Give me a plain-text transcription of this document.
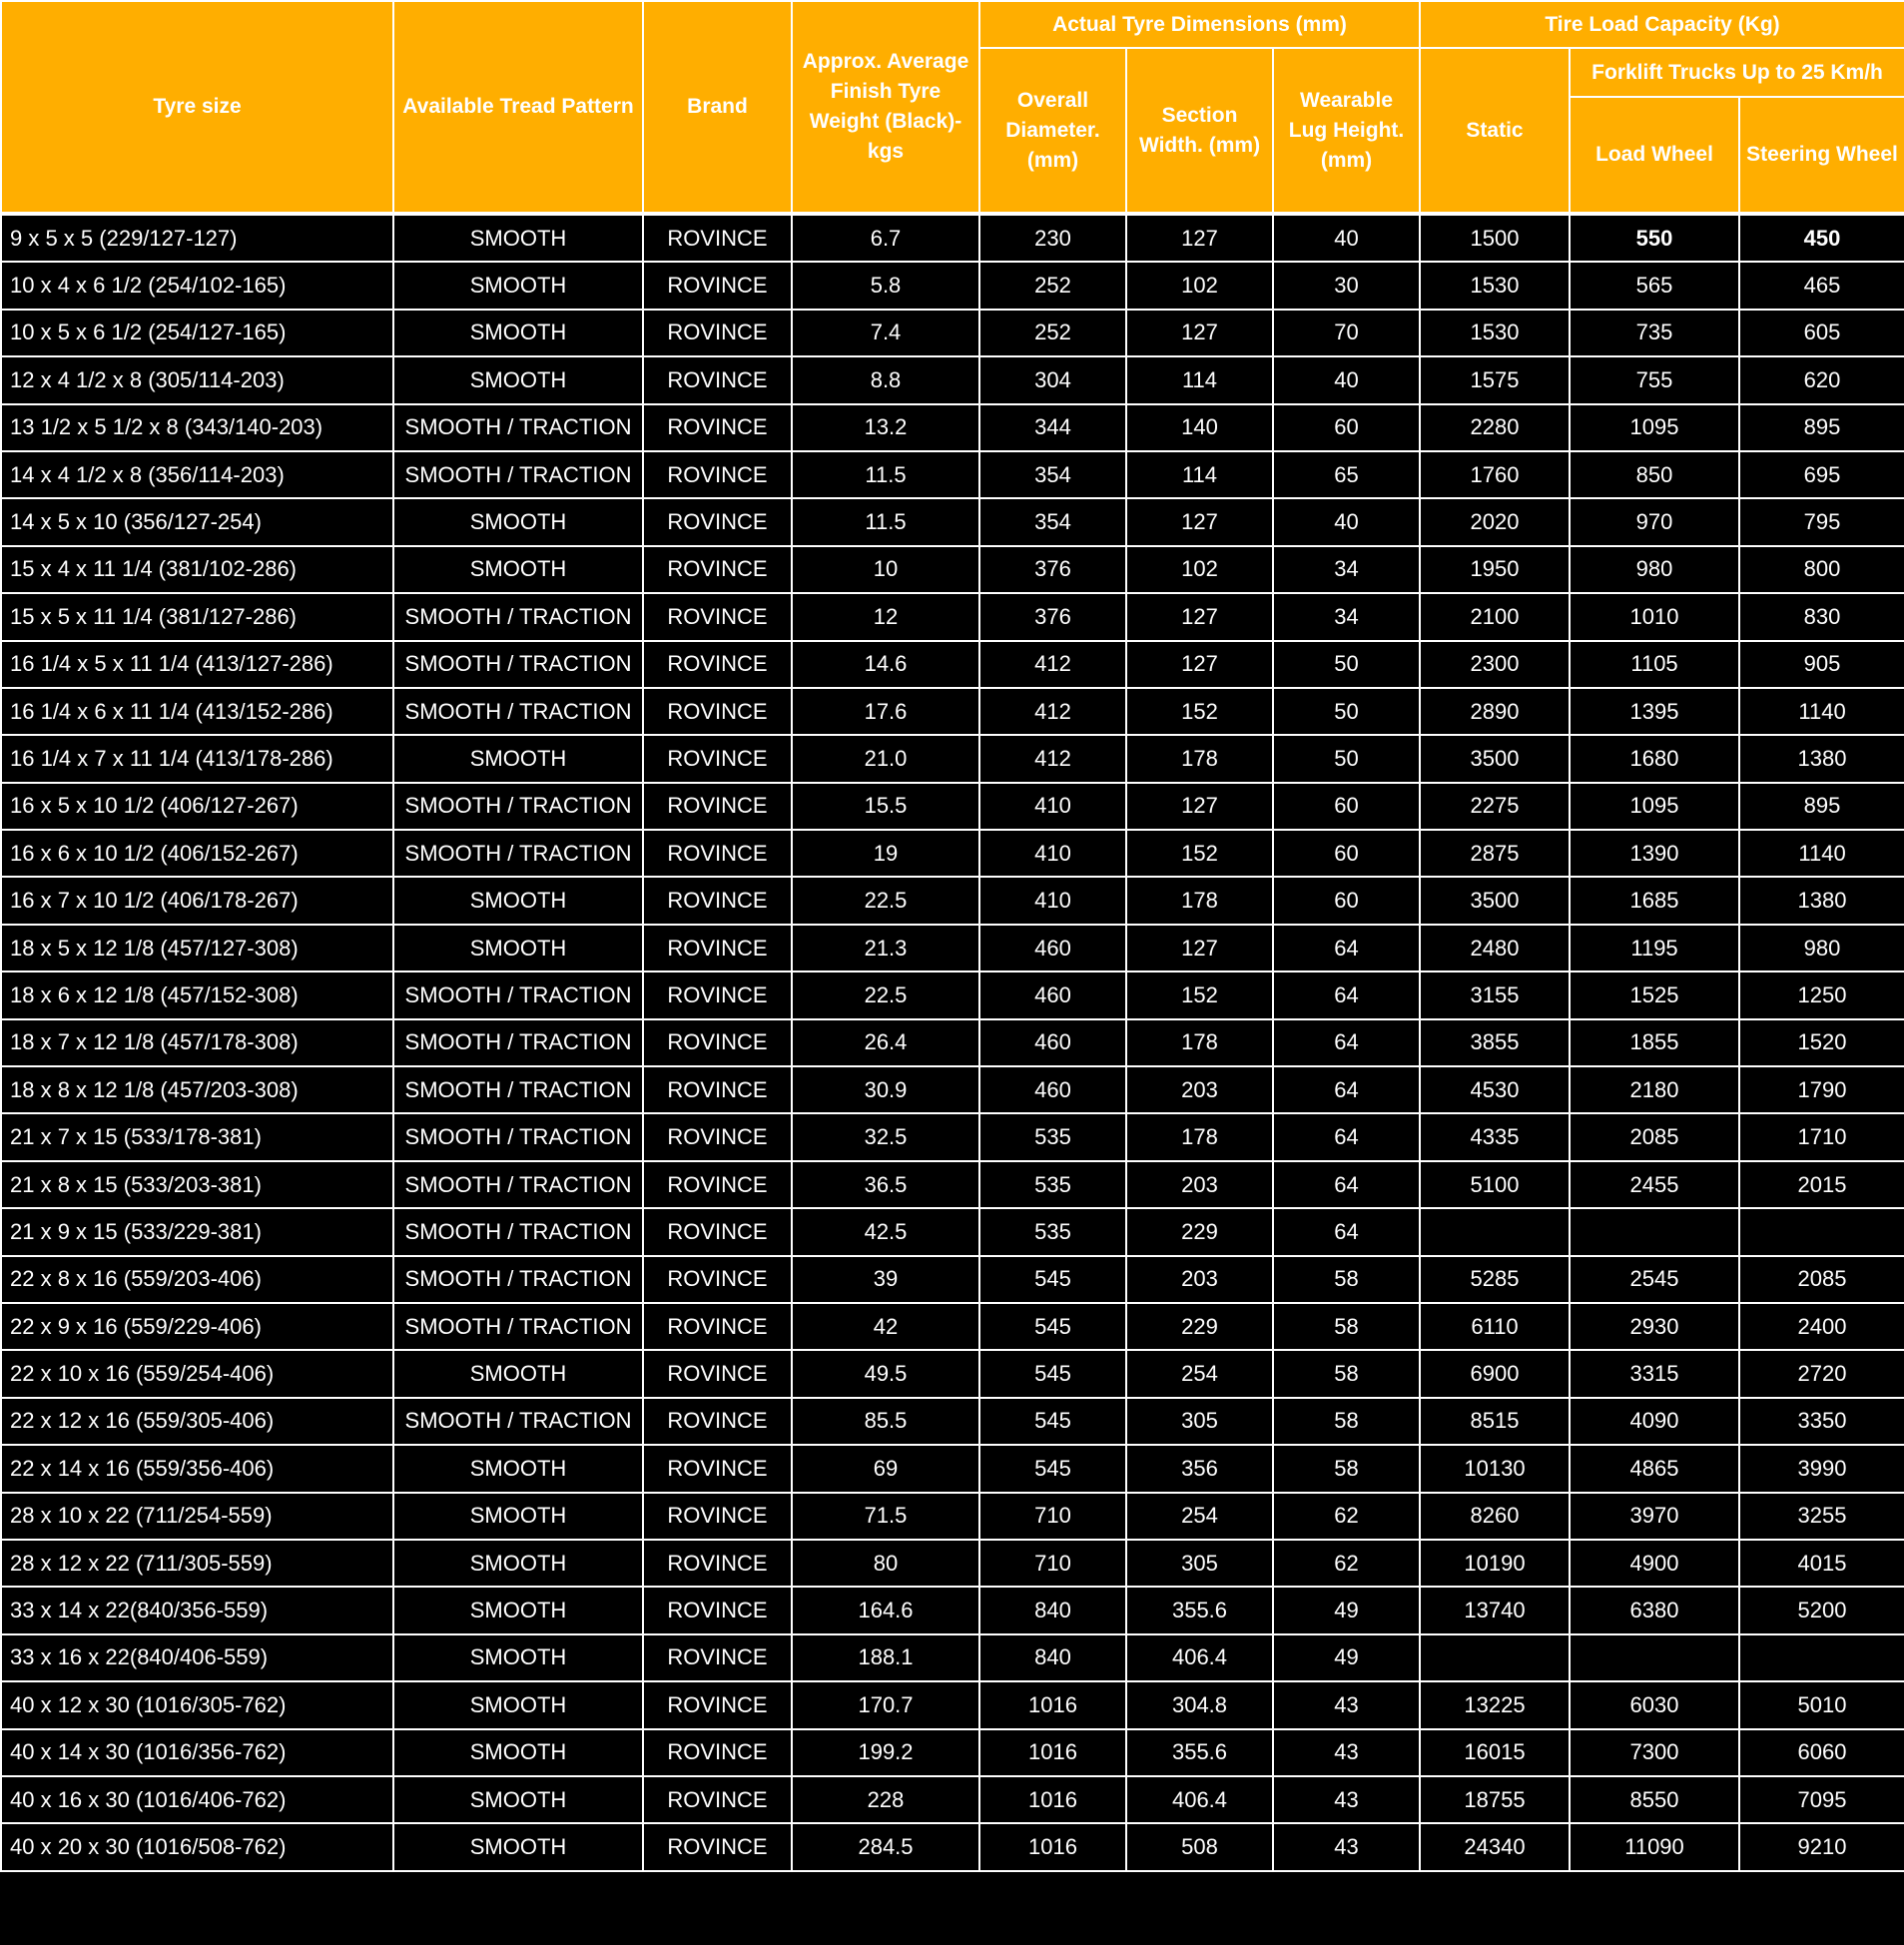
Tyre size	Available Tread Pattern	Brand	Approx. Average Finish Tyre Weight (Black)- kgs	Actual Tyre Dimensions (mm)			Tire Load Capacity (Kg)		
				Overall Diameter. (mm)	Section Width. (mm)	Wearable Lug Height. (mm)	Static	Forklift Trucks Up to 25 Km/h	
								Load Wheel	Steering Wheel
9 x 5 x 5 (229/127-127)	SMOOTH	ROVINCE	6.7	230	127	40	1500	550	450
10 x 4 x 6 1/2 (254/102-165)	SMOOTH	ROVINCE	5.8	252	102	30	1530	565	465
10 x 5 x 6 1/2 (254/127-165)	SMOOTH	ROVINCE	7.4	252	127	70	1530	735	605
12 x 4 1/2 x 8 (305/114-203)	SMOOTH	ROVINCE	8.8	304	114	40	1575	755	620
13 1/2 x 5 1/2 x 8 (343/140-203)	SMOOTH / TRACTION	ROVINCE	13.2	344	140	60	2280	1095	895
14 x 4 1/2 x 8 (356/114-203)	SMOOTH / TRACTION	ROVINCE	11.5	354	114	65	1760	850	695
14 x 5 x 10 (356/127-254)	SMOOTH	ROVINCE	11.5	354	127	40	2020	970	795
15 x 4 x 11 1/4 (381/102-286)	SMOOTH	ROVINCE	10	376	102	34	1950	980	800
15 x 5 x 11 1/4 (381/127-286)	SMOOTH / TRACTION	ROVINCE	12	376	127	34	2100	1010	830
16 1/4 x 5 x 11 1/4 (413/127-286)	SMOOTH / TRACTION	ROVINCE	14.6	412	127	50	2300	1105	905
16 1/4 x 6 x 11 1/4 (413/152-286)	SMOOTH / TRACTION	ROVINCE	17.6	412	152	50	2890	1395	1140
16 1/4 x 7 x 11 1/4 (413/178-286)	SMOOTH	ROVINCE	21.0	412	178	50	3500	1680	1380
16 x 5 x 10 1/2 (406/127-267)	SMOOTH / TRACTION	ROVINCE	15.5	410	127	60	2275	1095	895
16 x 6 x 10 1/2 (406/152-267)	SMOOTH / TRACTION	ROVINCE	19	410	152	60	2875	1390	1140
16 x 7 x 10 1/2 (406/178-267)	SMOOTH	ROVINCE	22.5	410	178	60	3500	1685	1380
18 x 5 x 12 1/8 (457/127-308)	SMOOTH	ROVINCE	21.3	460	127	64	2480	1195	980
18 x 6 x 12 1/8 (457/152-308)	SMOOTH / TRACTION	ROVINCE	22.5	460	152	64	3155	1525	1250
18 x 7 x 12 1/8 (457/178-308)	SMOOTH / TRACTION	ROVINCE	26.4	460	178	64	3855	1855	1520
18 x 8 x 12 1/8 (457/203-308)	SMOOTH / TRACTION	ROVINCE	30.9	460	203	64	4530	2180	1790
21 x 7 x 15 (533/178-381)	SMOOTH / TRACTION	ROVINCE	32.5	535	178	64	4335	2085	1710
21 x 8 x 15 (533/203-381)	SMOOTH / TRACTION	ROVINCE	36.5	535	203	64	5100	2455	2015
21 x 9 x 15 (533/229-381)	SMOOTH / TRACTION	ROVINCE	42.5	535	229	64			
22 x 8 x 16 (559/203-406)	SMOOTH / TRACTION	ROVINCE	39	545	203	58	5285	2545	2085
22 x 9 x 16 (559/229-406)	SMOOTH / TRACTION	ROVINCE	42	545	229	58	6110	2930	2400
22 x 10 x 16 (559/254-406)	SMOOTH	ROVINCE	49.5	545	254	58	6900	3315	2720
22 x 12 x 16 (559/305-406)	SMOOTH / TRACTION	ROVINCE	85.5	545	305	58	8515	4090	3350
22 x 14 x 16 (559/356-406)	SMOOTH	ROVINCE	69	545	356	58	10130	4865	3990
28 x 10 x 22 (711/254-559)	SMOOTH	ROVINCE	71.5	710	254	62	8260	3970	3255
28 x 12 x 22 (711/305-559)	SMOOTH	ROVINCE	80	710	305	62	10190	4900	4015
33 x 14 x 22(840/356-559)	SMOOTH	ROVINCE	164.6	840	355.6	49	13740	6380	5200
33 x 16 x 22(840/406-559)	SMOOTH	ROVINCE	188.1	840	406.4	49			
40 x 12 x 30 (1016/305-762)	SMOOTH	ROVINCE	170.7	1016	304.8	43	13225	6030	5010
40 x 14 x 30 (1016/356-762)	SMOOTH	ROVINCE	199.2	1016	355.6	43	16015	7300	6060
40 x 16 x 30 (1016/406-762)	SMOOTH	ROVINCE	228	1016	406.4	43	18755	8550	7095
40 x 20 x 30 (1016/508-762)	SMOOTH	ROVINCE	284.5	1016	508	43	24340	11090	9210
